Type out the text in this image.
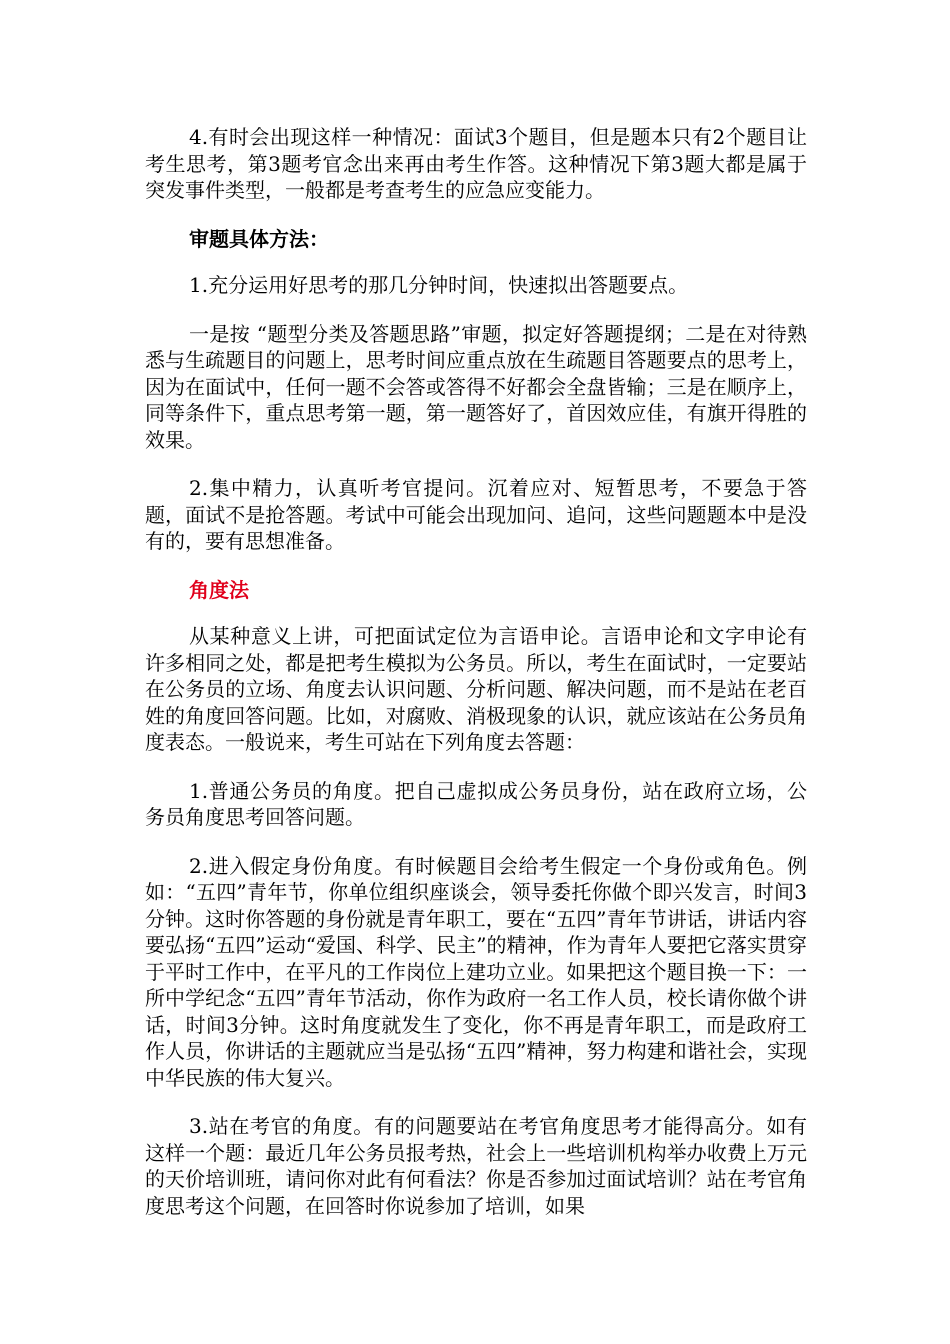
4.有时会出现这样一种情况：面试3个题目，但是题本只有2个题目让考生思考，第3题考官念出来再由考生作答。这种情况下第3题大都是属于突发事件类型，一般都是考查考生的应急应变能力。

审题具体方法：

1.充分运用好思考的那几分钟时间，快速拟出答题要点。

一是按 “题型分类及答题思路”审题，拟定好答题提纲；二是在对待熟悉与生疏题目的问题上，思考时间应重点放在生疏题目答题要点的思考上，因为在面试中，任何一题不会答或答得不好都会全盘皆输；三是在顺序上，同等条件下，重点思考第一题，第一题答好了，首因效应佳，有旗开得胜的效果。

2.集中精力，认真听考官提问。沉着应对、短暂思考，不要急于答题，面试不是抢答题。考试中可能会出现加问、追问，这些问题题本中是没有的，要有思想准备。

角度法

从某种意义上讲，可把面试定位为言语申论。言语申论和文字申论有许多相同之处，都是把考生模拟为公务员。所以，考生在面试时，一定要站在公务员的立场、角度去认识问题、分析问题、解决问题，而不是站在老百姓的角度回答问题。比如，对腐败、消极现象的认识，就应该站在公务员角度表态。一般说来，考生可站在下列角度去答题：

1.普通公务员的角度。把自己虚拟成公务员身份，站在政府立场，公务员角度思考回答问题。

2.进入假定身份角度。有时候题目会给考生假定一个身份或角色。例如：“五四”青年节，你单位组织座谈会，领导委托你做个即兴发言，时间3分钟。这时你答题的身份就是青年职工，要在“五四”青年节讲话，讲话内容要弘扬“五四”运动“爱国、科学、民主”的精神，作为青年人要把它落实贯穿于平时工作中，在平凡的工作岗位上建功立业。如果把这个题目换一下：一所中学纪念“五四”青年节活动，你作为政府一名工作人员，校长请你做个讲话，时间3分钟。这时角度就发生了变化，你不再是青年职工，而是政府工作人员，你讲话的主题就应当是弘扬“五四”精神，努力构建和谐社会，实现中华民族的伟大复兴。

3.站在考官的角度。有的问题要站在考官角度思考才能得高分。如有这样一个题：最近几年公务员报考热，社会上一些培训机构举办收费上万元的天价培训班，请问你对此有何看法？你是否参加过面试培训？站在考官角度思考这个问题，在回答时你说参加了培训，如果
